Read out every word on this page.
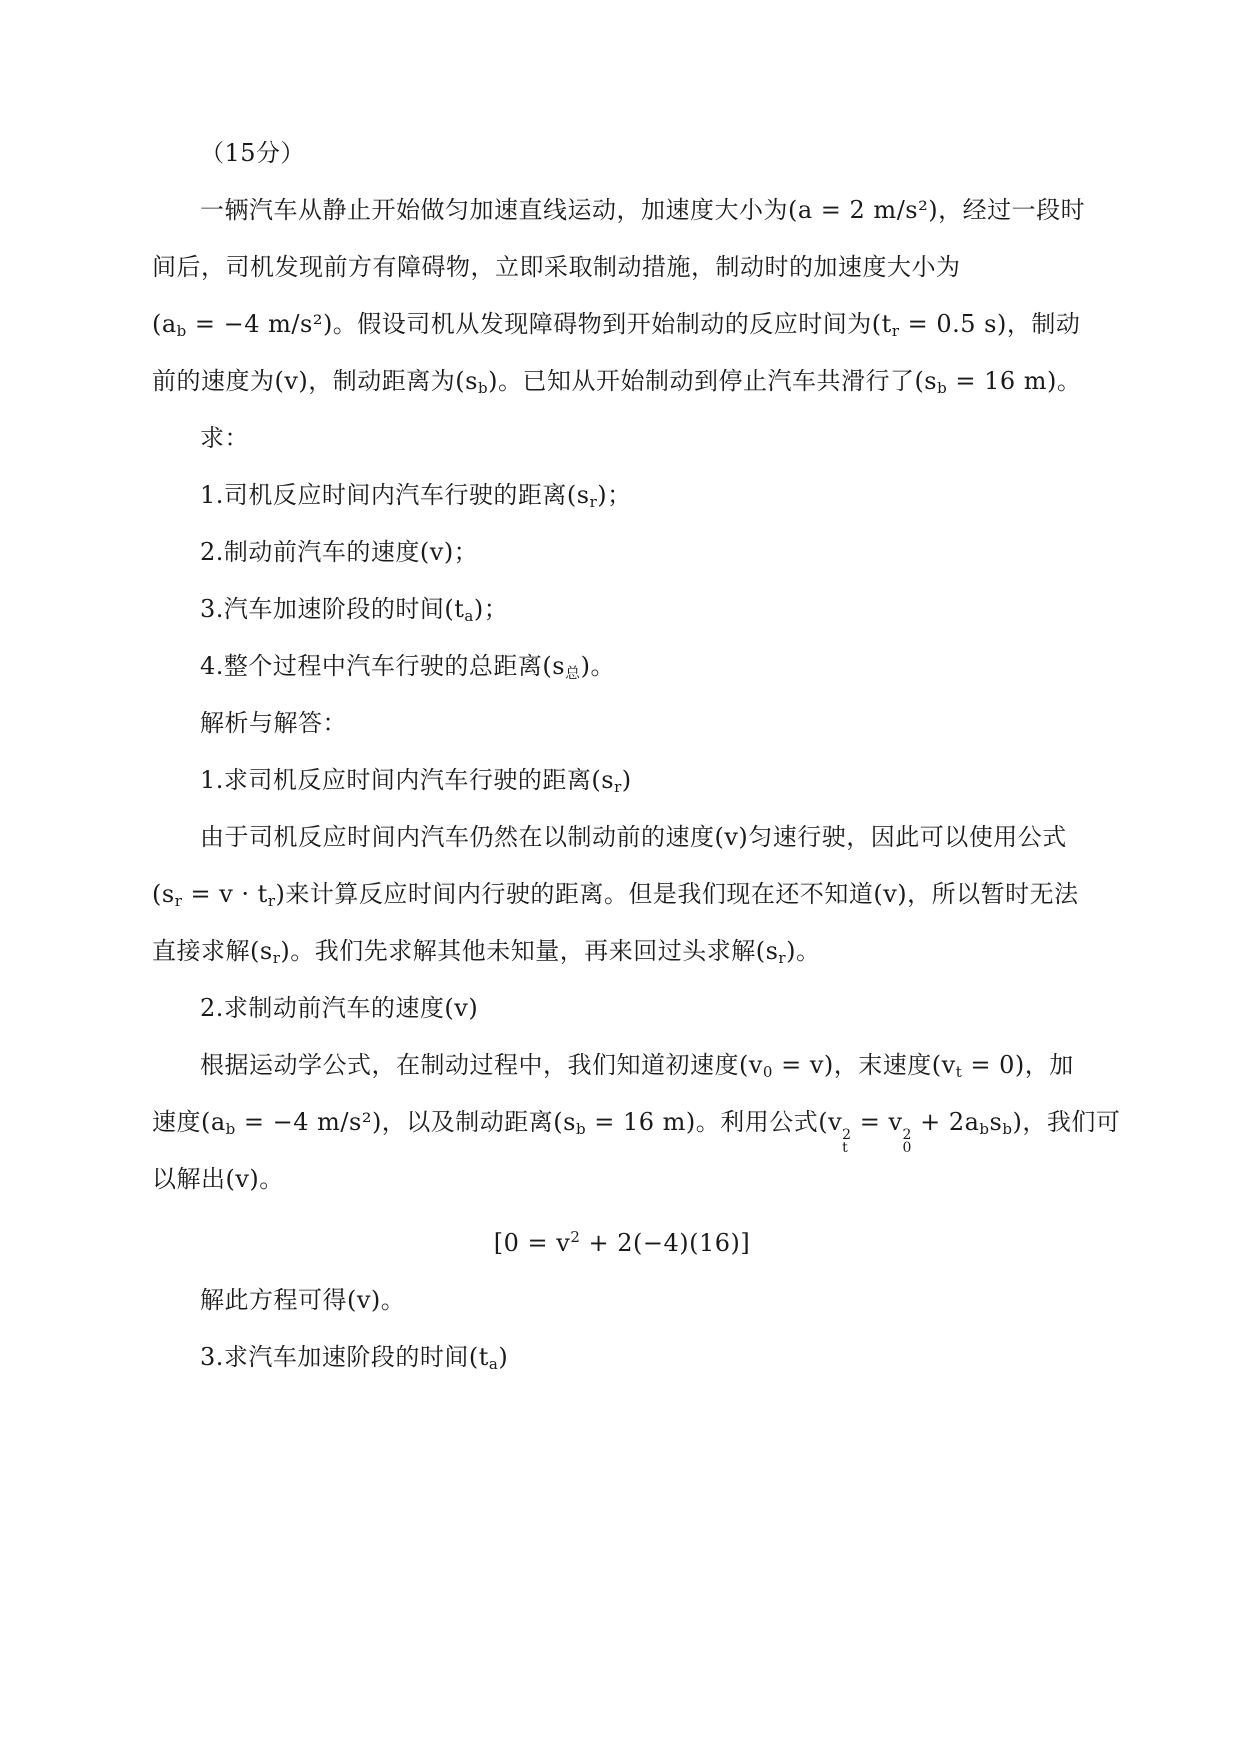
（15分）
一辆汽车从静止开始做匀加速直线运动，加速度大小为(a = 2 m/s²)，经过一段时
间后，司机发现前方有障碍物，立即采取制动措施，制动时的加速度大小为
($a_b = -4$ m/s²)。假设司机从发现障碍物到开始制动的反应时间为($t_r = 0.5$ s)，制动
前的速度为(v)，制动距离为$(s_b)$。已知从开始制动到停止汽车共滑行了($s_b = 16$ m)。
求：
1.司机反应时间内汽车行驶的距离$(s_r)$；
2.制动前汽车的速度(v)；
3.汽车加速阶段的时间$(t_a)$；
4.整个过程中汽车行驶的总距离$(s_总)$。
解析与解答：
1.求司机反应时间内汽车行驶的距离$(s_r)$
由于司机反应时间内汽车仍然在以制动前的速度(v)匀速行驶，因此可以使用公式
$(s_r = v \cdot t_r)$来计算反应时间内行驶的距离。但是我们现在还不知道(v)，所以暂时无法
直接求解$(s_r)$。我们先求解其他未知量，再来回过头求解$(s_r)$。
2.求制动前汽车的速度(v)
根据运动学公式，在制动过程中，我们知道初速度$(v_0 = v)$，末速度$(v_t = 0)$，加
速度($a_b = -4$ m/s²)，以及制动距离($s_b = 16$ m)。利用公式(v 2
t
= v 2
0
+ $2a_bs_b$)，我们可
以解出(v)。
$[0 = v^2 + 2(-4)(16)]$
解此方程可得(v)。
3.求汽车加速阶段的时间$(t_a)$
